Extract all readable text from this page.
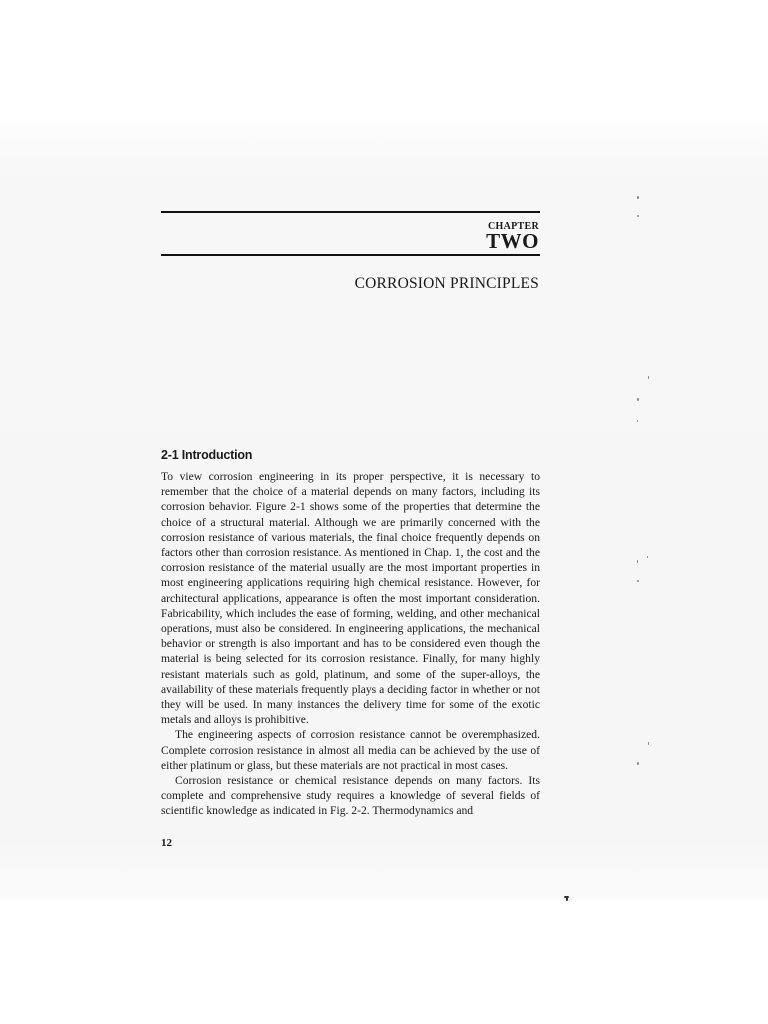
CHAPTER
TWO
CORROSION PRINCIPLES
2-1 Introduction

To view corrosion engineering in its proper perspective, it is necessary to remember that the choice of a material depends on many factors, including its corrosion behavior. Figure 2-1 shows some of the properties that determine the choice of a structural material. Although we are primarily concerned with the corrosion resistance of various materials, the final choice frequently depends on factors other than corrosion resistance. As mentioned in Chap. 1, the cost and the corrosion resistance of the material usually are the most important properties in most engineering applications requiring high chemical resistance. However, for architectural applications, appearance is often the most important consideration. Fabricability, which includes the ease of forming, welding, and other mechanical operations, must also be considered. In engineering applications, the mechanical behavior or strength is also important and has to be considered even though the material is being selected for its corrosion resistance. Finally, for many highly resistant materials such as gold, platinum, and some of the super-alloys, the availability of these materials frequently plays a deciding factor in whether or not they will be used. In many instances the delivery time for some of the exotic metals and alloys is prohibitive.

The engineering aspects of corrosion resistance cannot be overemphasized. Complete corrosion resistance in almost all media can be achieved by the use of either platinum or glass, but these materials are not practical in most cases.

Corrosion resistance or chemical resistance depends on many factors. Its complete and comprehensive study requires a knowledge of several fields of scientific knowledge as indicated in Fig. 2-2. Thermodynamics and

12
